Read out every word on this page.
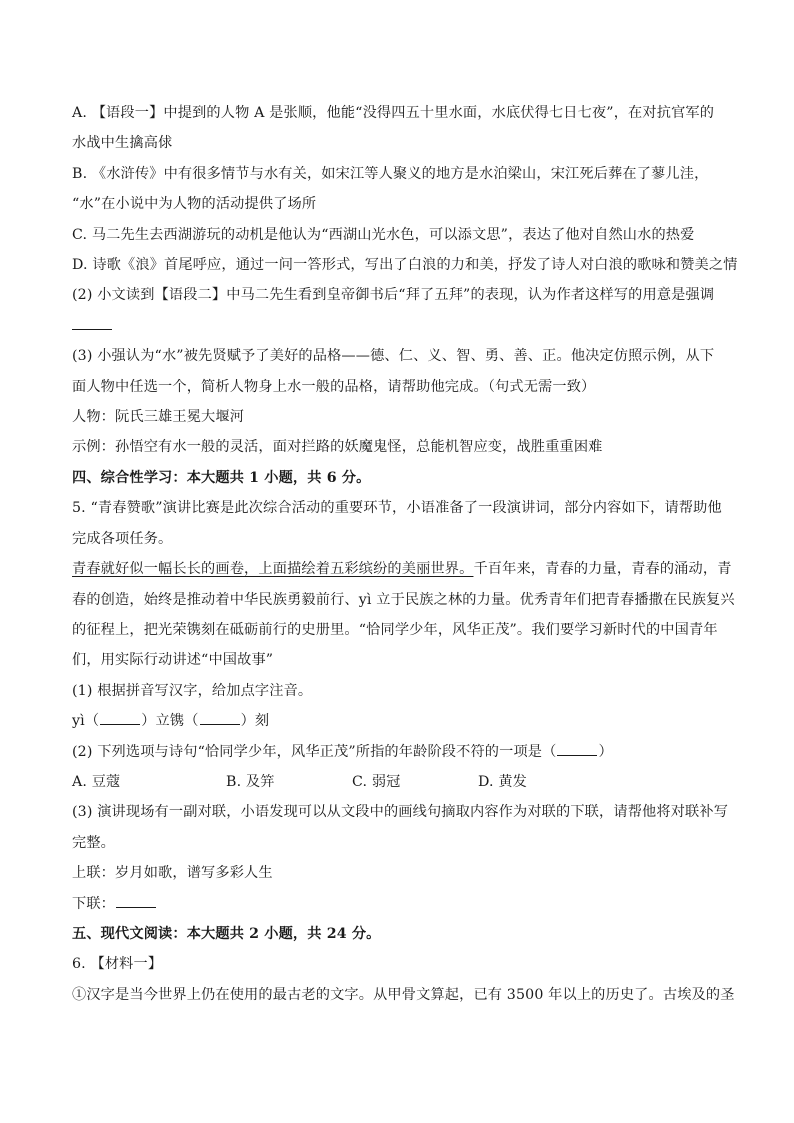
A. 【语段一】中提到的人物 A 是张顺，他能“没得四五十里水面，水底伏得七日七夜”，在对抗官军的
水战中生擒高俅
B. 《水浒传》中有很多情节与水有关，如宋江等人聚义的地方是水泊梁山，宋江死后葬在了蓼儿洼，
“水”在小说中为人物的活动提供了场所
C. 马二先生去西湖游玩的动机是他认为“西湖山光水色，可以添文思”，表达了他对自然山水的热爱
D. 诗歌《浪》首尾呼应，通过一问一答形式，写出了白浪的力和美，抒发了诗人对白浪的歌咏和赞美之情
(2) 小文读到【语段二】中马二先生看到皇帝御书后“拜了五拜”的表现，认为作者这样写的用意是强调
(3) 小强认为“水”被先贤赋予了美好的品格——德、仁、义、智、勇、善、正。他决定仿照示例，从下
面人物中任选一个，简析人物身上水一般的品格，请帮助他完成。（句式无需一致）
人物：阮氏三雄王冕大堰河
示例：孙悟空有水一般的灵活，面对拦路的妖魔鬼怪，总能机智应变，战胜重重困难
四、综合性学习：本大题共 1 小题，共 6 分。
5. “青春赞歌”演讲比赛是此次综合活动的重要环节，小语准备了一段演讲词，部分内容如下，请帮助他
完成各项任务。
青春就好似一幅长长的画卷，上面描绘着五彩缤纷的美丽世界。千百年来，青春的力量，青春的涌动，青
春的创造，始终是推动着中华民族勇毅前行、yì 立于民族之林的力量。优秀青年们把青春播撒在民族复兴
的征程上，把光荣镌刻在砥砺前行的史册里。“恰同学少年，风华正茂”。我们要学习新时代的中国青年
们，用实际行动讲述“中国故事”
(1) 根据拼音写汉字，给加点字注音。
yì（	）立镌（	）刻
(2) 下列选项与诗句“恰同学少年，风华正茂”所指的年龄阶段不符的一项是（	）
A. 豆蔻	B. 及笄	C. 弱冠	D. 黄发
(3) 演讲现场有一副对联，小语发现可以从文段中的画线句摘取内容作为对联的下联，请帮他将对联补写
完整。
上联：岁月如歌，谱写多彩人生
下联：
五、现代文阅读：本大题共 2 小题，共 24 分。
6. 【材料一】
①汉字是当今世界上仍在使用的最古老的文字。从甲骨文算起，已有 3500 年以上的历史了。古埃及的圣
